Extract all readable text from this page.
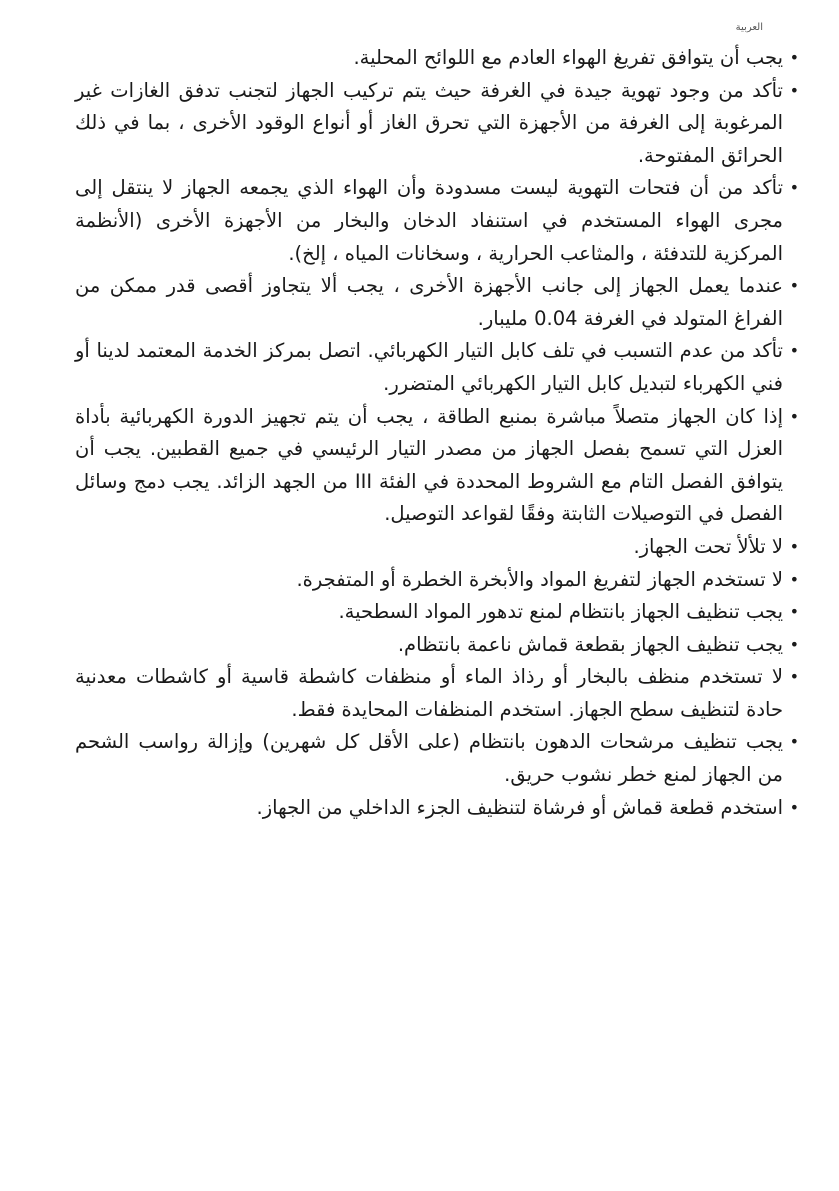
العربية
•
يجب أن يتوافق تفريغ الهواء العادم مع اللوائح المحلية.
•
تأكد من وجود تهوية جيدة في الغرفة حيث يتم تركيب الجهاز لتجنب تدفق الغازات غير المرغوبة إلى الغرفة من الأجهزة التي تحرق الغاز أو أنواع الوقود الأخرى ، بما في ذلك الحرائق المفتوحة.
•
تأكد من أن فتحات التهوية ليست مسدودة وأن الهواء الذي يجمعه الجهاز لا ينتقل إلى مجرى الهواء المستخدم في استنفاد الدخان والبخار من الأجهزة الأخرى (الأنظمة المركزية للتدفئة ، والمثاعب الحرارية ، وسخانات المياه ، إلخ).
•
عندما يعمل الجهاز إلى جانب الأجهزة الأخرى ، يجب ألا يتجاوز أقصى قدر ممكن من الفراغ المتولد في الغرفة 0.04 مليبار.
•
تأكد من عدم التسبب في تلف كابل التيار الكهربائي. اتصل بمركز الخدمة المعتمد لدينا أو فني الكهرباء لتبديل كابل التيار الكهربائي المتضرر.
•
إذا كان الجهاز متصلاً مباشرة بمنبع الطاقة ، يجب أن يتم تجهيز الدورة الكهربائية بأداة العزل التي تسمح بفصل الجهاز من مصدر التيار الرئيسي في جميع القطبين. يجب أن يتوافق الفصل التام مع الشروط المحددة في الفئة III من الجهد الزائد. يجب دمج وسائل الفصل في التوصيلات الثابتة وفقًا لقواعد التوصيل.
•
لا تلألأ تحت الجهاز.
•
لا تستخدم الجهاز لتفريغ المواد والأبخرة الخطرة أو المتفجرة.
•
يجب تنظيف الجهاز بانتظام لمنع تدهور المواد السطحية.
•
يجب تنظيف الجهاز بقطعة قماش ناعمة بانتظام.
•
لا تستخدم منظف بالبخار أو رذاذ الماء أو منظفات كاشطة قاسية أو كاشطات معدنية حادة لتنظيف سطح الجهاز. استخدم المنظفات المحايدة فقط.
•
يجب تنظيف مرشحات الدهون بانتظام (على الأقل كل شهرين) وإزالة رواسب الشحم من الجهاز لمنع خطر نشوب حريق.
•
استخدم قطعة قماش أو فرشاة لتنظيف الجزء الداخلي من الجهاز.
